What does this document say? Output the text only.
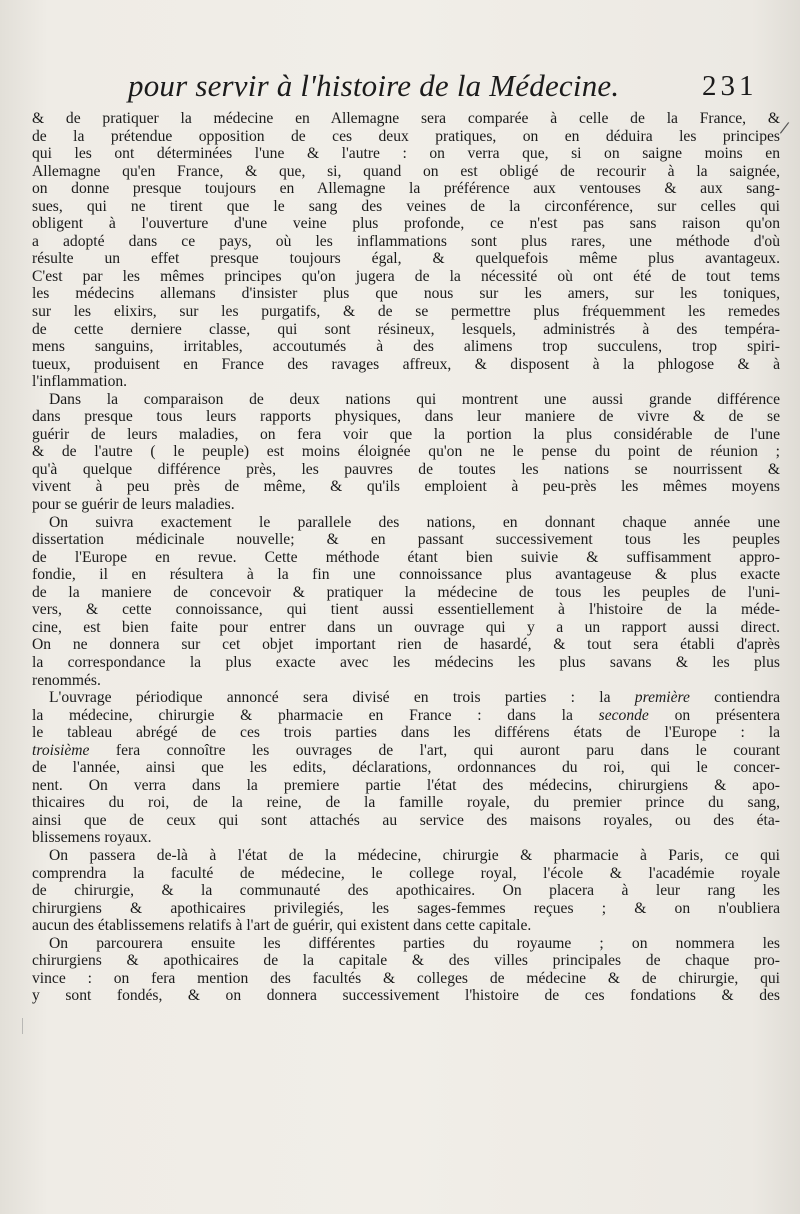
pour servir à l'histoire de la Médecine.	231
/
& de pratiquer la médecine en Allemagne sera comparée à celle de la France, &
de la prétendue opposition de ces deux pratiques, on en déduira les principes
qui les ont déterminées l'une & l'autre : on verra que, si on saigne moins en
Allemagne qu'en France, & que, si, quand on est obligé de recourir à la saignée,
on donne presque toujours en Allemagne la préférence aux ventouses & aux sang-
sues, qui ne tirent que le sang des veines de la circonférence, sur celles qui
obligent à l'ouverture d'une veine plus profonde, ce n'est pas sans raison qu'on
a adopté dans ce pays, où les inflammations sont plus rares, une méthode d'où
résulte un effet presque toujours égal, & quelquefois même plus avantageux.
C'est par les mêmes principes qu'on jugera de la nécessité où ont été de tout tems
les médecins allemans d'insister plus que nous sur les amers, sur les toniques,
sur les elixirs, sur les purgatifs, & de se permettre plus fréquemment les remedes
de cette derniere classe, qui sont résineux, lesquels, administrés à des tempéra-
mens sanguins, irritables, accoutumés à des alimens trop succulens, trop spiri-
tueux, produisent en France des ravages affreux, & disposent à la phlogose & à
l'inflammation.
Dans la comparaison de deux nations qui montrent une aussi grande différence
dans presque tous leurs rapports physiques, dans leur maniere de vivre & de se
guérir de leurs maladies, on fera voir que la portion la plus considérable de l'une
& de l'autre ( le peuple) est moins éloignée qu'on ne le pense du point de réunion ;
qu'à quelque différence près, les pauvres de toutes les nations se nourrissent &
vivent à peu près de même, & qu'ils emploient à peu-près les mêmes moyens
pour se guérir de leurs maladies.
On suivra exactement le parallele des nations, en donnant chaque année une
dissertation médicinale nouvelle; & en passant successivement tous les peuples
de l'Europe en revue. Cette méthode étant bien suivie & suffisamment appro-
fondie, il en résultera à la fin une connoissance plus avantageuse & plus exacte
de la maniere de concevoir & pratiquer la médecine de tous les peuples de l'uni-
vers, & cette connoissance, qui tient aussi essentiellement à l'histoire de la méde-
cine, est bien faite pour entrer dans un ouvrage qui y a un rapport aussi direct.
On ne donnera sur cet objet important rien de hasardé, & tout sera établi d'après
la correspondance la plus exacte avec les médecins les plus savans & les plus
renommés.
L'ouvrage périodique annoncé sera divisé en trois parties : la première contiendra
la médecine, chirurgie & pharmacie en France : dans la seconde on présentera
le tableau abrégé de ces trois parties dans les différens états de l'Europe : la
troisième fera connoître les ouvrages de l'art, qui auront paru dans le courant
de l'année, ainsi que les edits, déclarations, ordonnances du roi, qui le concer-
nent. On verra dans la premiere partie l'état des médecins, chirurgiens & apo-
thicaires du roi, de la reine, de la famille royale, du premier prince du sang,
ainsi que de ceux qui sont attachés au service des maisons royales, ou des éta-
blissemens royaux.
On passera de-là à l'état de la médecine, chirurgie & pharmacie à Paris, ce qui
comprendra la faculté de médecine, le college royal, l'école & l'académie royale
de chirurgie, & la communauté des apothicaires. On placera à leur rang les
chirurgiens & apothicaires privilegiés, les sages-femmes reçues ; & on n'oubliera
aucun des établissemens relatifs à l'art de guérir, qui existent dans cette capitale.
On parcourera ensuite les différentes parties du royaume ; on nommera les
chirurgiens & apothicaires de la capitale & des villes principales de chaque pro-
vince : on fera mention des facultés & colleges de médecine & de chirurgie, qui
y sont fondés, & on donnera successivement l'histoire de ces fondations & des
